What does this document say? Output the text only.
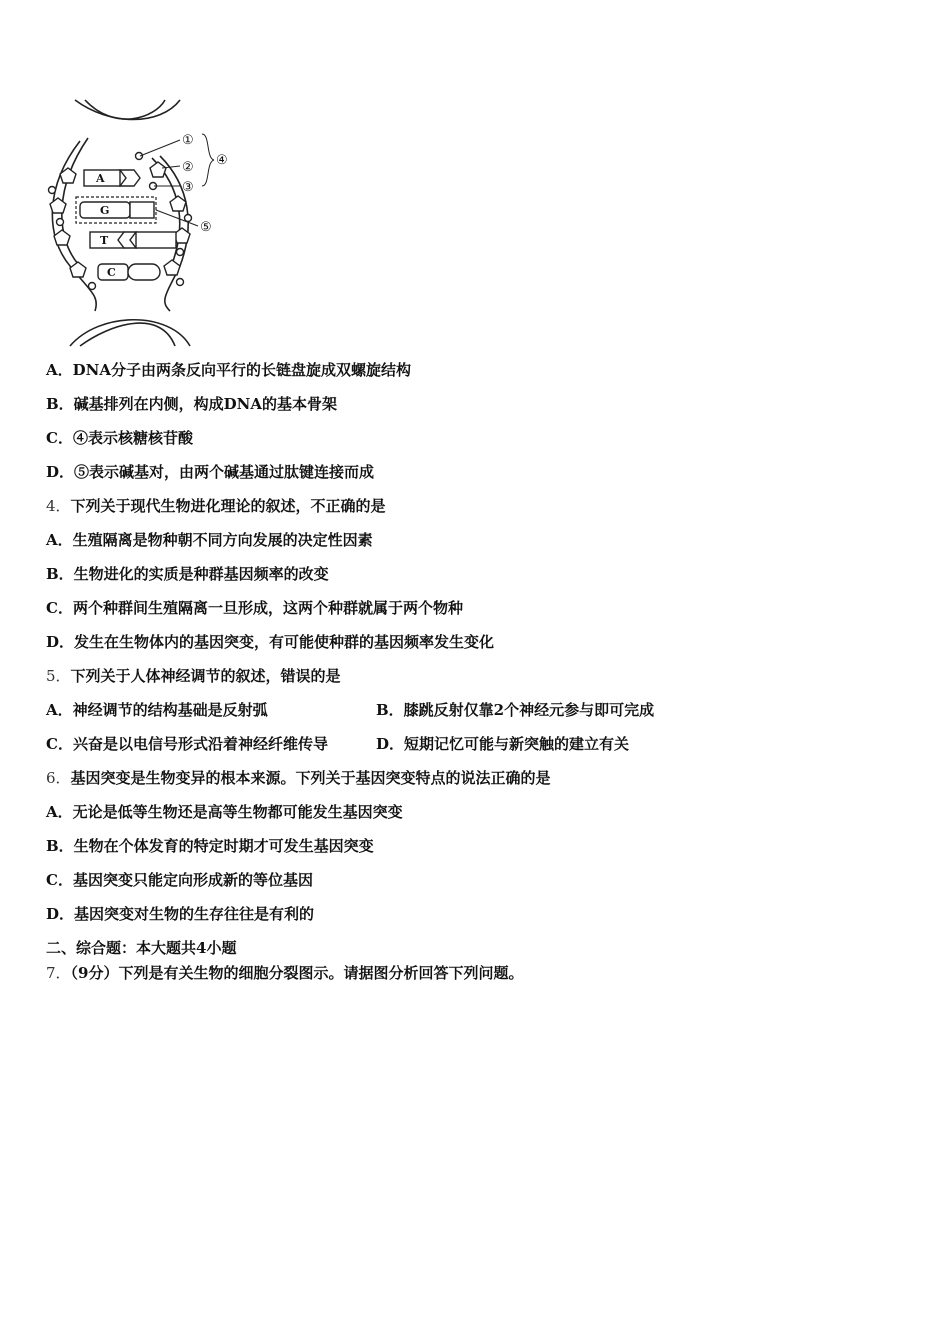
①
②
③
④
⑤
A
G
T
C
A．DNA分子由两条反向平行的长链盘旋成双螺旋结构
B．碱基排列在内侧，构成DNA的基本骨架
C．④表示核糖核苷酸
D．⑤表示碱基对，由两个碱基通过肽键连接而成
4．下列关于现代生物进化理论的叙述，不正确的是
A．生殖隔离是物种朝不同方向发展的决定性因素
B．生物进化的实质是种群基因频率的改变
C．两个种群间生殖隔离一旦形成，这两个种群就属于两个物种
D．发生在生物体内的基因突变，有可能使种群的基因频率发生变化
5．下列关于人体神经调节的叙述，错误的是
A．神经调节的结构基础是反射弧	B．膝跳反射仅靠2个神经元参与即可完成
C．兴奋是以电信号形式沿着神经纤维传导	D．短期记忆可能与新突触的建立有关
6．基因突变是生物变异的根本来源。下列关于基因突变特点的说法正确的是
A．无论是低等生物还是高等生物都可能发生基因突变
B．生物在个体发育的特定时期才可发生基因突变
C．基因突变只能定向形成新的等位基因
D．基因突变对生物的生存往往是有利的
二、综合题：本大题共4小题
7．（9分）下列是有关生物的细胞分裂图示。请据图分析回答下列问题。
